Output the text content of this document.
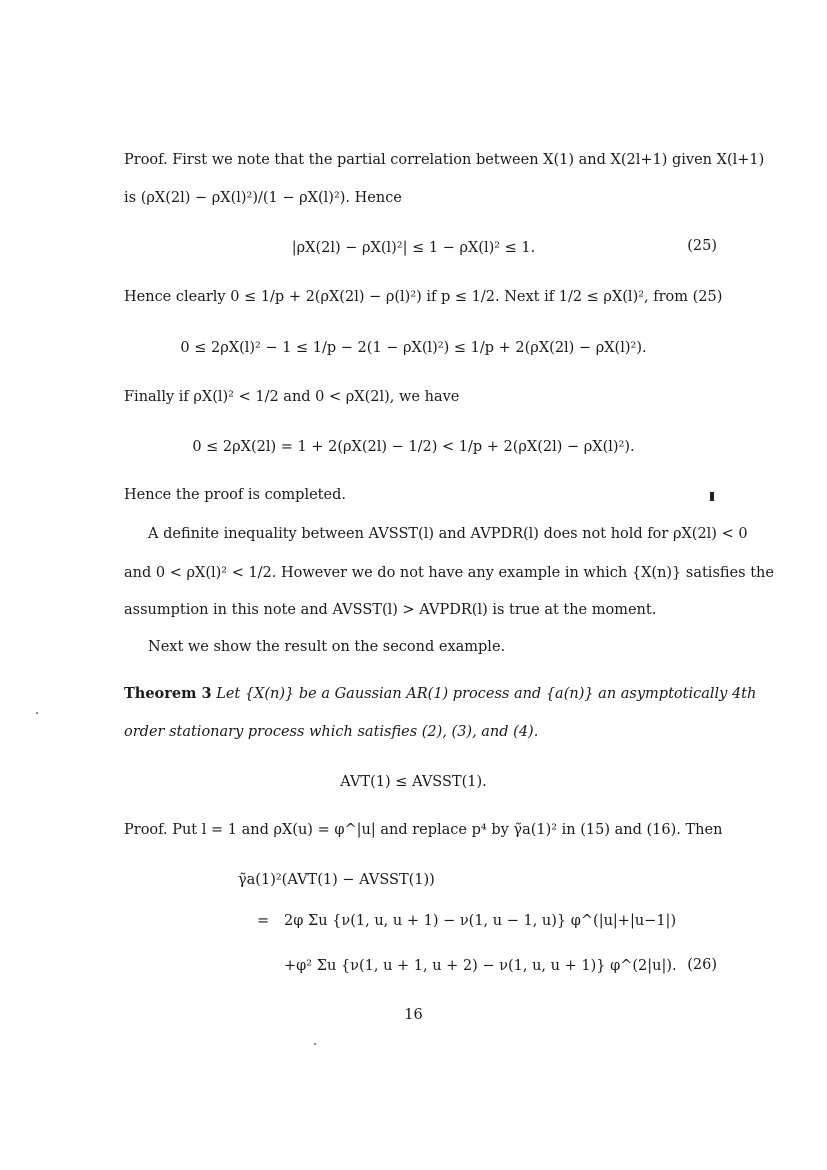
Proof. First we note that the partial correlation between X(1) and X(2l+1) given X(l+1)
is (ρX(2l) − ρX(l)²)/(1 − ρX(l)²). Hence
|ρX(2l) − ρX(l)²| ≤ 1 − ρX(l)² ≤ 1.	(25)
Hence clearly 0 ≤ 1/p + 2(ρX(2l) − ρ(l)²) if p ≤ 1/2. Next if 1/2 ≤ ρX(l)², from (25)
0 ≤ 2ρX(l)² − 1 ≤ 1/p − 2(1 − ρX(l)²) ≤ 1/p + 2(ρX(2l) − ρX(l)²).
Finally if ρX(l)² < 1/2 and 0 < ρX(2l), we have
0 ≤ 2ρX(2l) = 1 + 2(ρX(2l) − 1/2) < 1/p + 2(ρX(2l) − ρX(l)²).
Hence the proof is completed.
A definite inequality between AVSST(l) and AVPDR(l) does not hold for ρX(2l) < 0
and 0 < ρX(l)² < 1/2. However we do not have any example in which {X(n)} satisfies the
assumption in this note and AVSST(l) > AVPDR(l) is true at the moment.
Next we show the result on the second example.
Theorem 3 Let {X(n)} be a Gaussian AR(1) process and {a(n)} an asymptotically 4th
order stationary process which satisfies (2), (3), and (4).
AVT(1) ≤ AVSST(1).
Proof. Put l = 1 and ρX(u) = φ^|u| and replace p⁴ by γ̃a(1)² in (15) and (16). Then
γ̃a(1)²(AVT(1) − AVSST(1))
= 2φ Σu {ν(1, u, u + 1) − ν(1, u − 1, u)} φ^(|u|+|u−1|)
+φ² Σu {ν(1, u + 1, u + 2) − ν(1, u, u + 1)} φ^(2|u|). (26)
16
